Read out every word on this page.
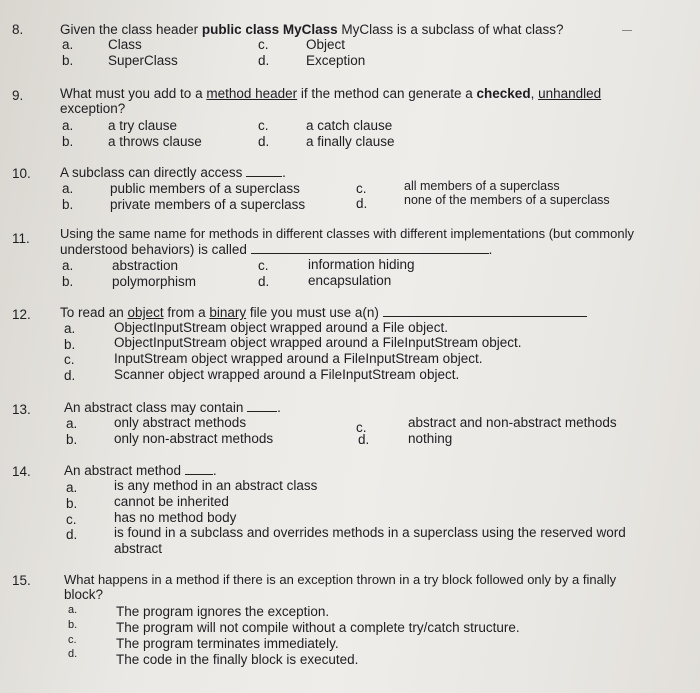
8.	Given the class header public class MyClass MyClass is a subclass of what class?
a.	Class	c.	Object
b.	SuperClass	d.	Exception
9.	What must you add to a method header if the method can generate a checked, unhandled
exception?
a.	a try clause	c.	a catch clause
b.	a throws clause	d.	a finally clause
10. A subclass can directly access	.
a.	public members of a superclass	c.	all members of a superclass
b.	private members of a superclass	d.	none of the members of a superclass
11. Using the same name for methods in different classes with different implementations (but commonly
understood behaviors) is called	.
a.	abstraction	c.	information hiding
b.	polymorphism	d.	encapsulation
12. To read an object from a binary file you must use a(n)
a.	ObjectInputStream object wrapped around a File object.
b.	ObjectInputStream object wrapped around a FileInputStream object.
c.	InputStream object wrapped around a FileInputStream object.
d.	Scanner object wrapped around a FileInputStream object.
13. An abstract class may contain	.
a.	only abstract methods	c.	abstract and non-abstract methods
b.	only non-abstract methods	d.	nothing
14. An abstract method .
a.	is any method in an abstract class
b.	cannot be inherited
c.	has no method body
d.	is found in a subclass and overrides methods in a superclass using the reserved word
abstract
15.	What happens in a method if there is an exception thrown in a try block followed only by a finally
block?
a.	The program ignores the exception.
b.	The program will not compile without a complete try/catch structure.
c.	The program terminates immediately.
d.	The code in the finally block is executed.
